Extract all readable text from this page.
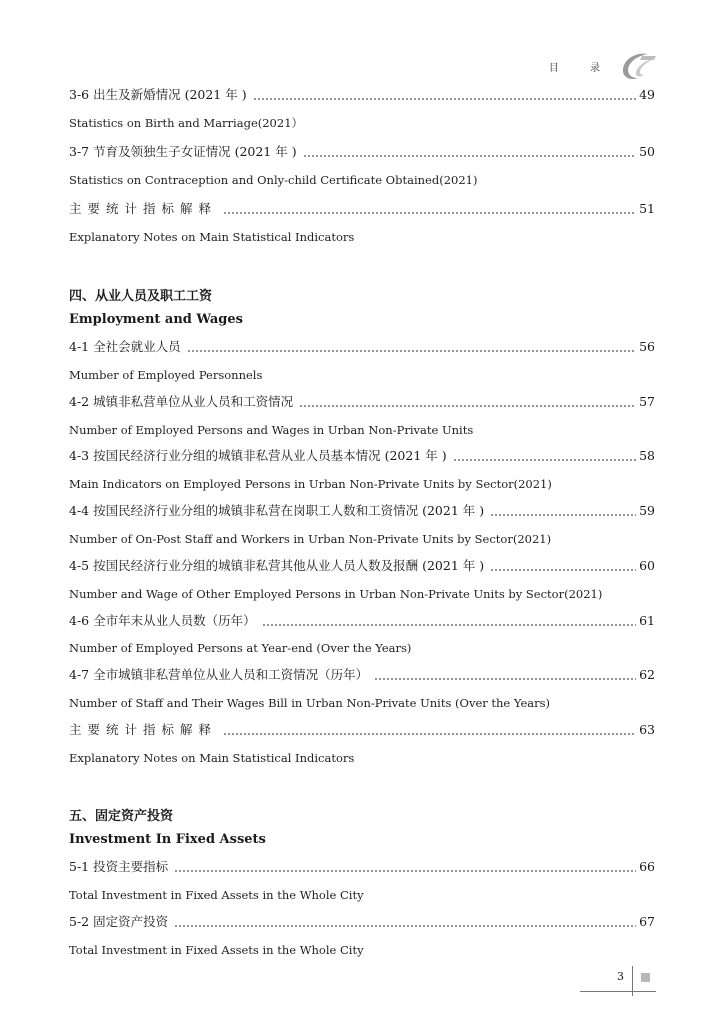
目 录
3-6 出生及新婚情况 (2021 年 )	49
Statistics on Birth and Marriage(2021）
3-7 节育及领独生子女证情况 (2021 年 )	50
Statistics on Contraception and Only-child Certificate Obtained(2021)
主要统计指标解释	51
Explanatory Notes on Main Statistical Indicators
四、从业人员及职工工资
Employment and Wages
4-1 全社会就业人员	56
Mumber of Employed Personnels
4-2 城镇非私营单位从业人员和工资情况	57
Number of Employed Persons and Wages in Urban Non-Private Units
4-3 按国民经济行业分组的城镇非私营从业人员基本情况 (2021 年 )	58
Main Indicators on Employed Persons in Urban Non-Private Units by Sector(2021)
4-4 按国民经济行业分组的城镇非私营在岗职工人数和工资情况 (2021 年 )	59
Number of On-Post Staff and Workers in Urban Non-Private Units by Sector(2021)
4-5 按国民经济行业分组的城镇非私营其他从业人员人数及报酬 (2021 年 )	60
Number and Wage of Other Employed Persons in Urban Non-Private Units by Sector(2021)
4-6 全市年末从业人员数（历年）	61
Number of Employed Persons at Year-end (Over the Years)
4-7 全市城镇非私营单位从业人员和工资情况（历年）	62
Number of Staff and Their Wages Bill in Urban Non-Private Units (Over the Years)
主要统计指标解释	63
Explanatory Notes on Main Statistical Indicators
五、固定资产投资
Investment In Fixed Assets
5-1 投资主要指标	66
Total Investment in Fixed Assets in the Whole City
5-2 固定资产投资	67
Total Investment in Fixed Assets in the Whole City
3
